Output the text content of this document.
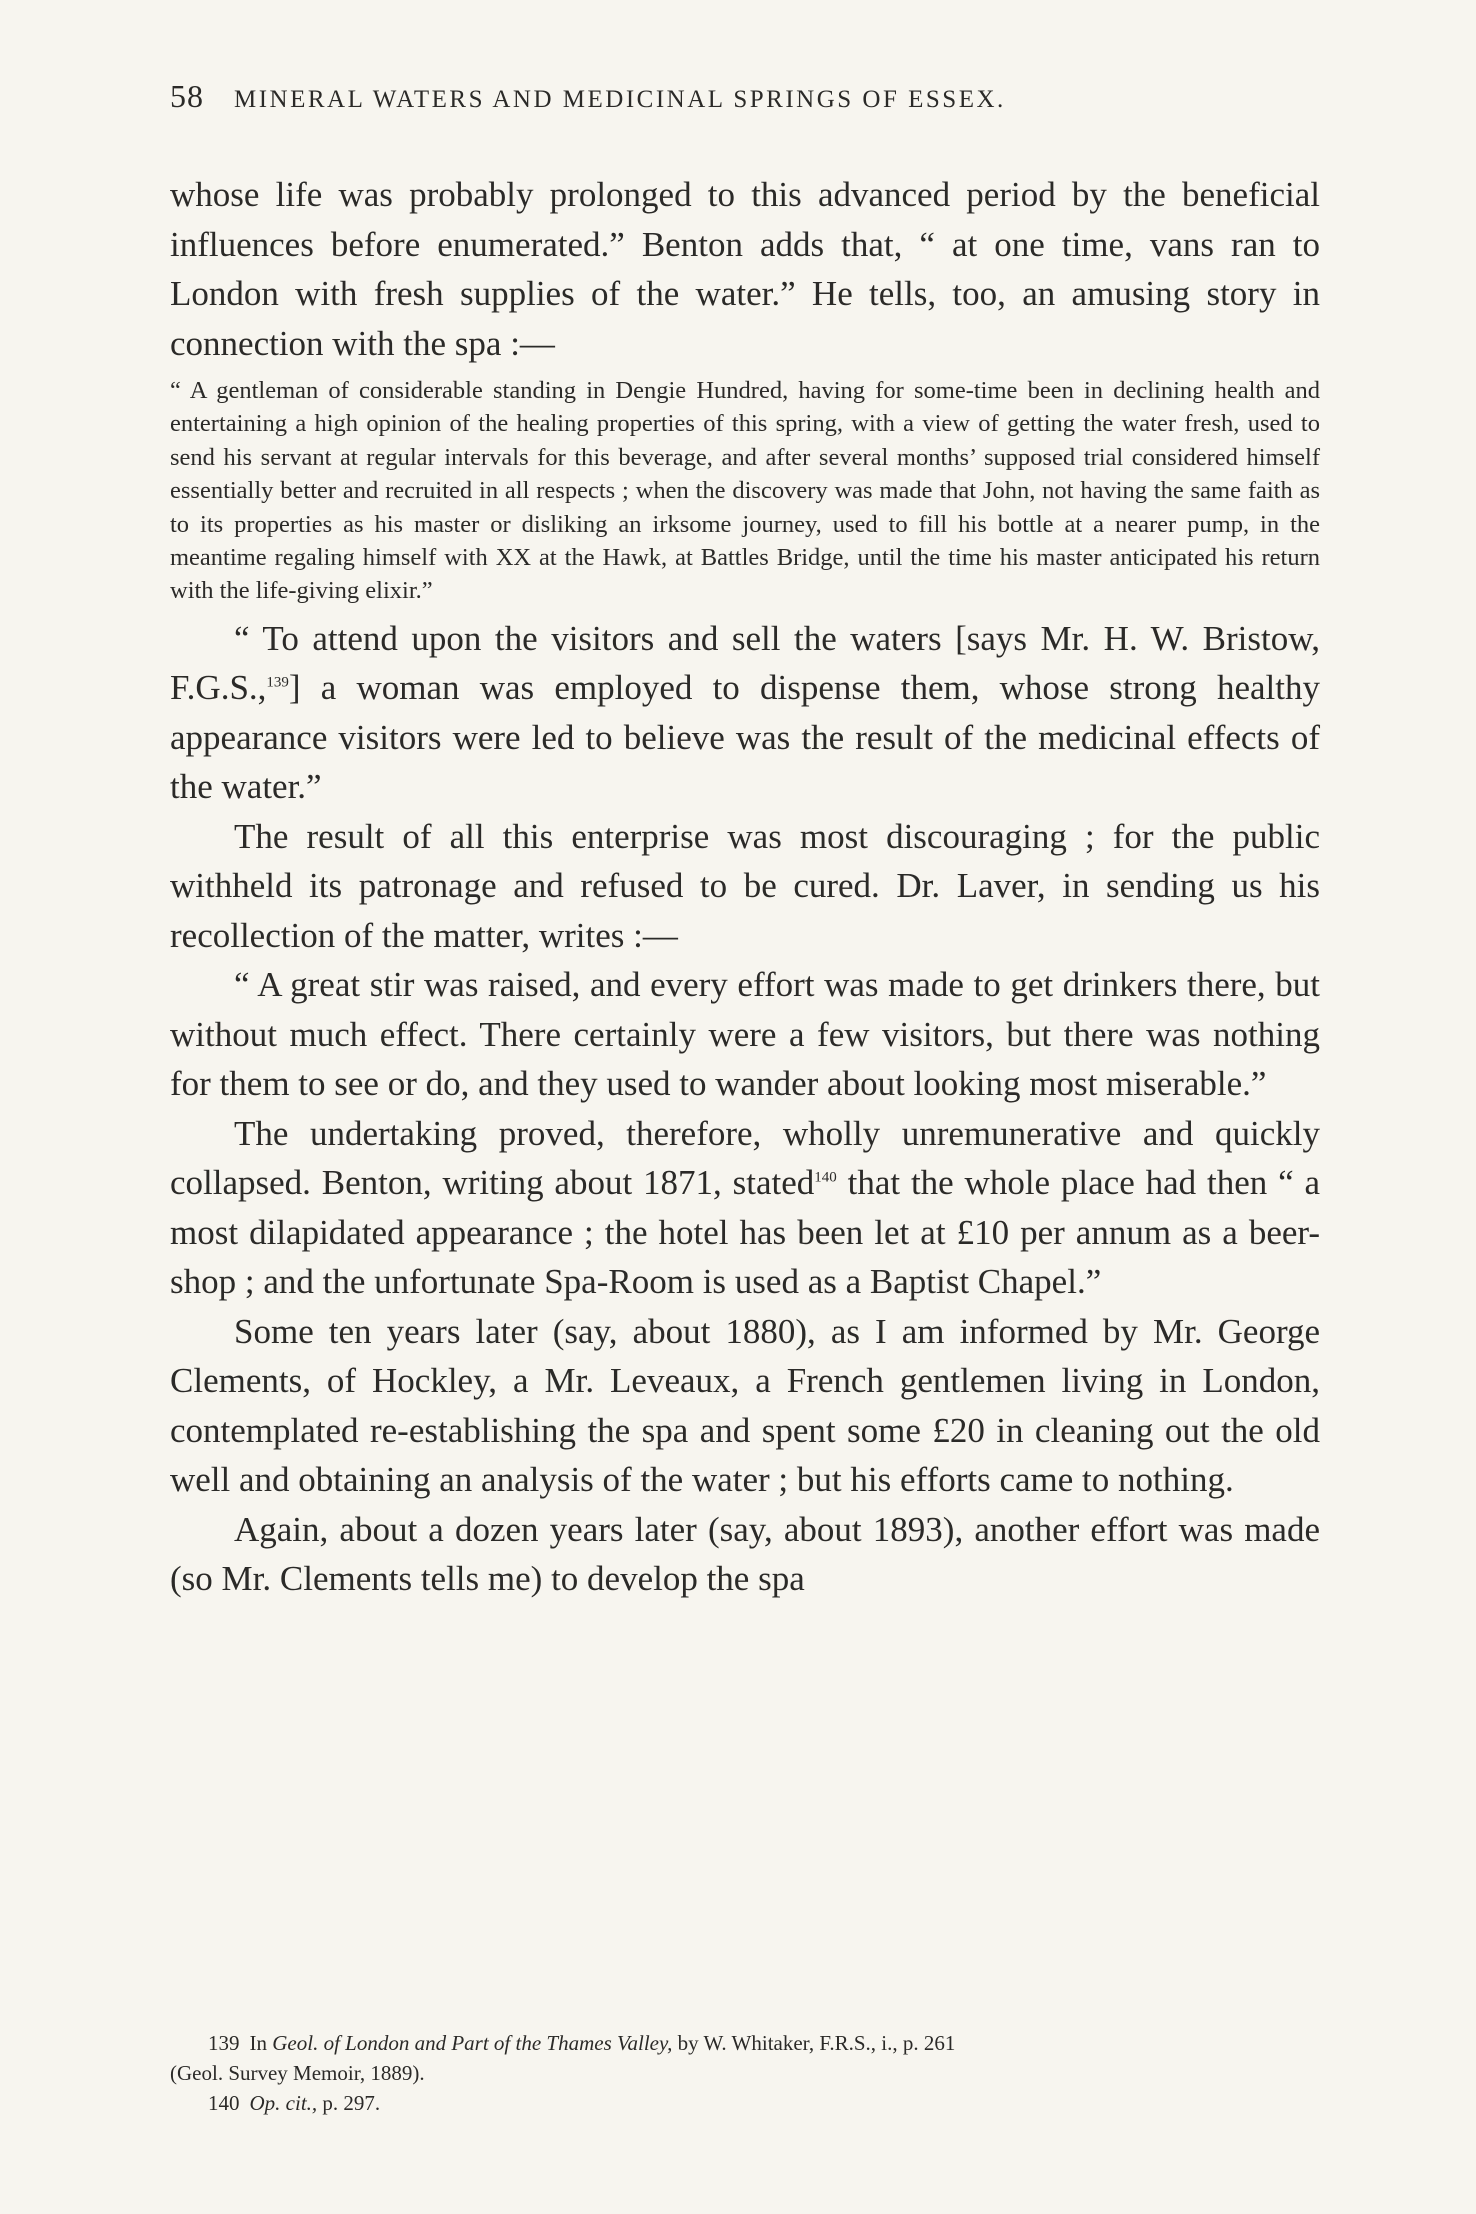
58 MINERAL WATERS AND MEDICINAL SPRINGS OF ESSEX.

whose life was probably prolonged to this advanced period by the beneficial influences before enumerated.” Benton adds that, “ at one time, vans ran to London with fresh supplies of the water.” He tells, too, an amusing story in connection with the spa :—

“ A gentleman of considerable standing in Dengie Hundred, having for some-time been in declining health and entertaining a high opinion of the healing properties of this spring, with a view of getting the water fresh, used to send his servant at regular intervals for this beverage, and after several months’ supposed trial considered himself essentially better and recruited in all respects ; when the discovery was made that John, not having the same faith as to its properties as his master or disliking an irksome journey, used to fill his bottle at a nearer pump, in the meantime regaling himself with XX at the Hawk, at Battles Bridge, until the time his master anticipated his return with the life-giving elixir.”

“ To attend upon the visitors and sell the waters [says Mr. H. W. Bristow, F.G.S.,$^{139}$] a woman was employed to dispense them, whose strong healthy appearance visitors were led to believe was the result of the medicinal effects of the water.”

The result of all this enterprise was most discouraging ; for the public withheld its patronage and refused to be cured. Dr. Laver, in sending us his recollection of the matter, writes :—

“ A great stir was raised, and every effort was made to get drinkers there, but without much effect. There certainly were a few visitors, but there was nothing for them to see or do, and they used to wander about looking most miserable.”

The undertaking proved, therefore, wholly unremunerative and quickly collapsed. Benton, writing about 1871, stated$^{140}$ that the whole place had then “ a most dilapidated appearance ; the hotel has been let at £10 per annum as a beer-shop ; and the unfortunate Spa-Room is used as a Baptist Chapel.”

Some ten years later (say, about 1880), as I am informed by Mr. George Clements, of Hockley, a Mr. Leveaux, a French gentlemen living in London, contemplated re-establishing the spa and spent some £20 in cleaning out the old well and obtaining an analysis of the water ; but his efforts came to nothing.

Again, about a dozen years later (say, about 1893), another effort was made (so Mr. Clements tells me) to develop the spa

139 In Geol. of London and Part of the Thames Valley, by W. Whitaker, F.R.S., i., p. 261

(Geol. Survey Memoir, 1889).

140 Op. cit., p. 297.
